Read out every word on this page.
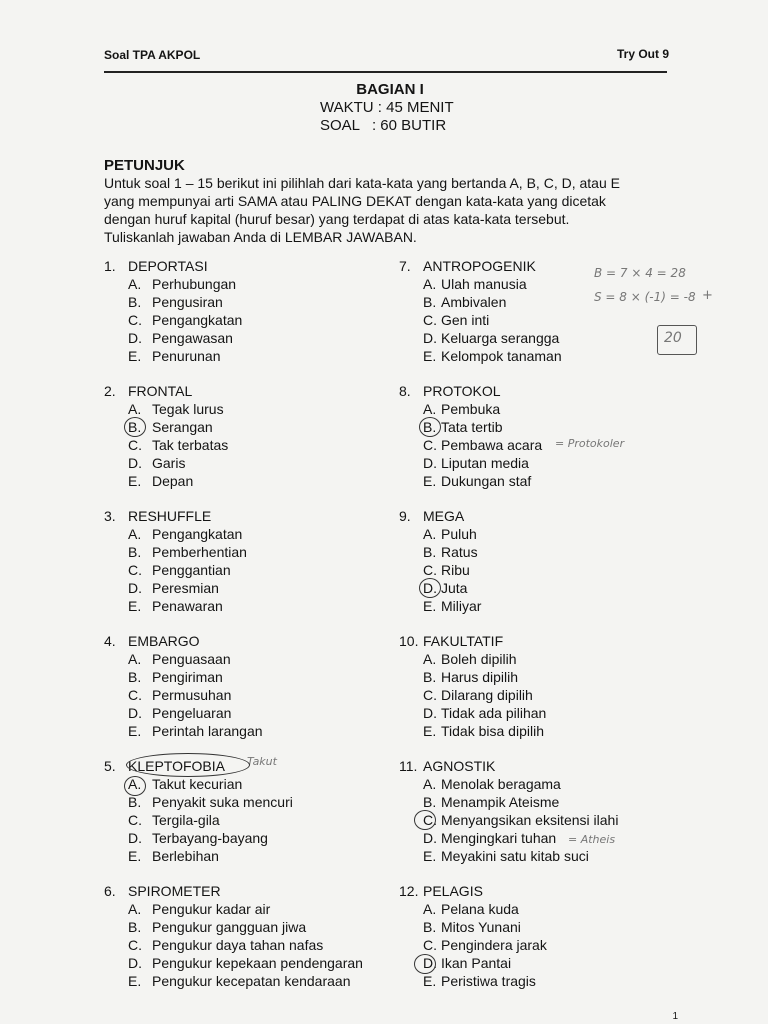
Soal TPA AKPOL	Try Out 9
BAGIAN I
WAKTU : 45 MENIT
SOAL   : 60 BUTIR
PETUNJUK
Untuk soal 1 – 15 berikut ini pilihlah dari kata-kata yang bertanda A, B, C, D, atau E
yang mempunyai arti SAMA atau PALING DEKAT dengan kata-kata yang dicetak
dengan huruf kapital (huruf besar) yang terdapat di atas kata-kata tersebut.
Tuliskanlah jawaban Anda di LEMBAR JAWABAN.
1. DEPORTASI
A. Perhubungan
B. Pengusiran
C. Pengangkatan
D. Pengawasan
E. Penurunan
2. FRONTAL
A. Tegak lurus
B. Serangan
C. Tak terbatas
D. Garis
E. Depan
3. RESHUFFLE
A. Pengangkatan
B. Pemberhentian
C. Penggantian
D. Peresmian
E. Penawaran
4. EMBARGO
A. Penguasaan
B. Pengiriman
C. Permusuhan
D. Pengeluaran
E. Perintah larangan
5. KLEPTOFOBIA
A. Takut kecurian
B. Penyakit suka mencuri
C. Tergila-gila
D. Terbayang-bayang
E. Berlebihan
6. SPIROMETER
A. Pengukur kadar air
B. Pengukur gangguan jiwa
C. Pengukur daya tahan nafas
D. Pengukur kepekaan pendengaran
E. Pengukur kecepatan kendaraan
7. ANTROPOGENIK
A. Ulah manusia
B. Ambivalen
C. Gen inti
D. Keluarga serangga
E. Kelompok tanaman
8. PROTOKOL
A. Pembuka
B. Tata tertib
C. Pembawa acara
D. Liputan media
E. Dukungan staf
9. MEGA
A. Puluh
B. Ratus
C. Ribu
D. Juta
E. Miliyar
10. FAKULTATIF
A. Boleh dipilih
B. Harus dipilih
C. Dilarang dipilih
D. Tidak ada pilihan
E. Tidak bisa dipilih
11. AGNOSTIK
A. Menolak beragama
B. Menampik Ateisme
C. Menyangsikan eksitensi ilahi
D. Mengingkari tuhan
E. Meyakini satu kitab suci
12. PELAGIS
A. Pelana kuda
B. Mitos Yunani
C. Pengindera jarak
D. Ikan Pantai
E. Peristiwa tragis
B = 7 × 4 = 28
S = 8 × (-1) = -8 +
20
= Protokoler
Takut
= Atheis
1
